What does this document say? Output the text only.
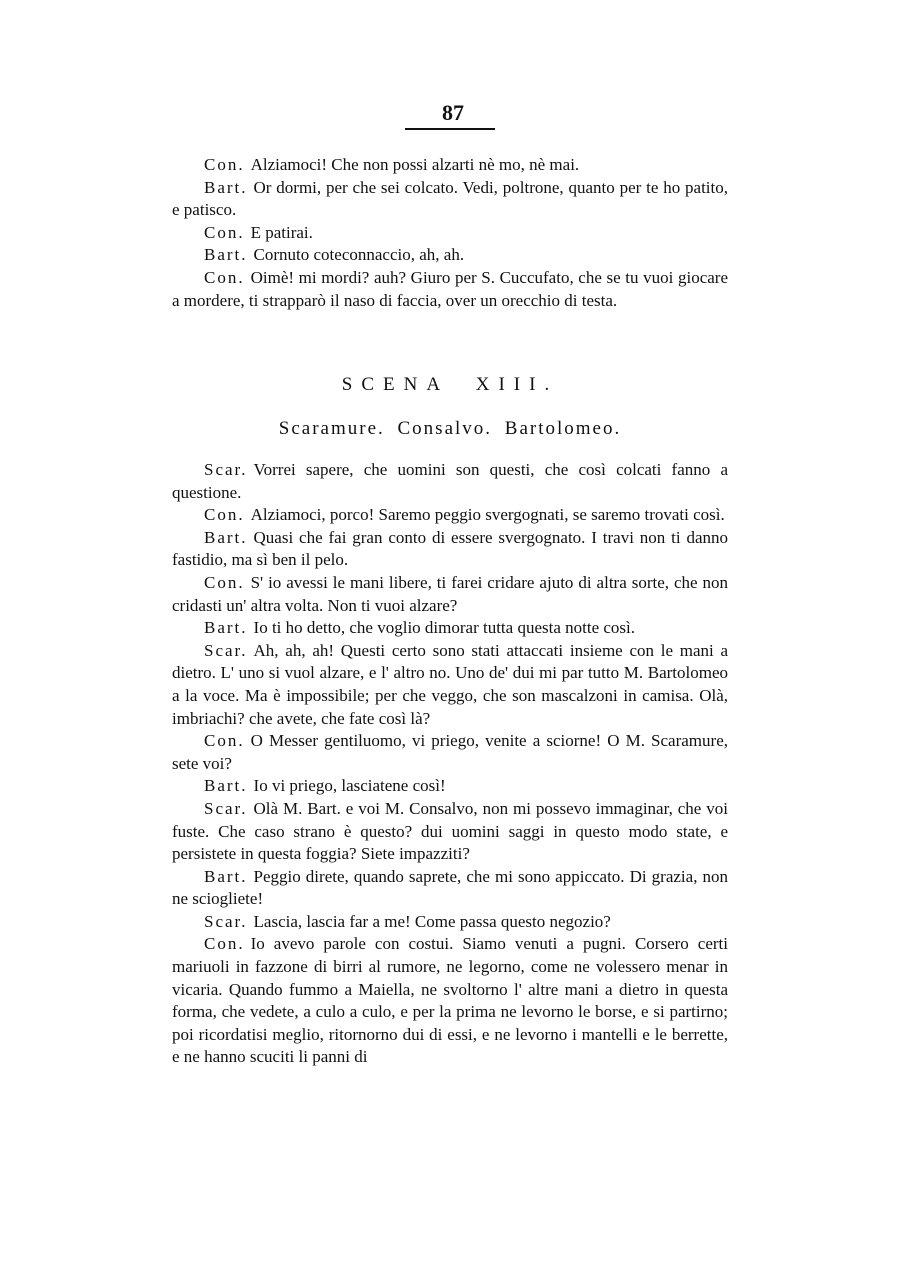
87

Con. Alziamoci! Che non possi alzarti nè mo, nè mai.

Bart. Or dormi, per che sei colcato. Vedi, poltrone, quanto per te ho patito, e patisco.

Con. E patirai.

Bart. Cornuto coteconnaccio, ah, ah.

Con. Oimè! mi mordi? auh? Giuro per S. Cuccufato, che se tu vuoi giocare a mordere, ti strapparò il naso di faccia, over un orecchio di testa.

SCENA XIII.
Scaramure. Consalvo. Bartolomeo.

Scar. Vorrei sapere, che uomini son questi, che così colcati fanno a questione.

Con. Alziamoci, porco! Saremo peggio svergognati, se saremo trovati così.

Bart. Quasi che fai gran conto di essere svergognato. I travi non ti danno fastidio, ma sì ben il pelo.

Con. S' io avessi le mani libere, ti farei cridare ajuto di altra sorte, che non cridasti un' altra volta. Non ti vuoi alzare?

Bart. Io ti ho detto, che voglio dimorar tutta questa notte così.

Scar. Ah, ah, ah! Questi certo sono stati attaccati insieme con le mani a dietro. L' uno si vuol alzare, e l' altro no. Uno de' dui mi par tutto M. Bartolomeo a la voce. Ma è impossibile; per che veggo, che son mascalzoni in camisa. Olà, imbriachi? che avete, che fate così là?

Con. O Messer gentiluomo, vi priego, venite a sciorne! O M. Scaramure, sete voi?

Bart. Io vi priego, lasciatene così!

Scar. Olà M. Bart. e voi M. Consalvo, non mi possevo immaginar, che voi fuste. Che caso strano è questo? dui uomini saggi in questo modo state, e persistete in questa foggia? Siete impazziti?

Bart. Peggio direte, quando saprete, che mi sono appiccato. Di grazia, non ne sciogliete!

Scar. Lascia, lascia far a me! Come passa questo negozio?

Con. Io avevo parole con costui. Siamo venuti a pugni. Corsero certi mariuoli in fazzone di birri al rumore, ne legorno, come ne volessero menar in vicaria. Quando fummo a Maiella, ne svoltorno l' altre mani a dietro in questa forma, che vedete, a culo a culo, e per la prima ne levorno le borse, e si partirno; poi ricordatisi meglio, ritornorno dui di essi, e ne levorno i mantelli e le berrette, e ne hanno scuciti li panni di
